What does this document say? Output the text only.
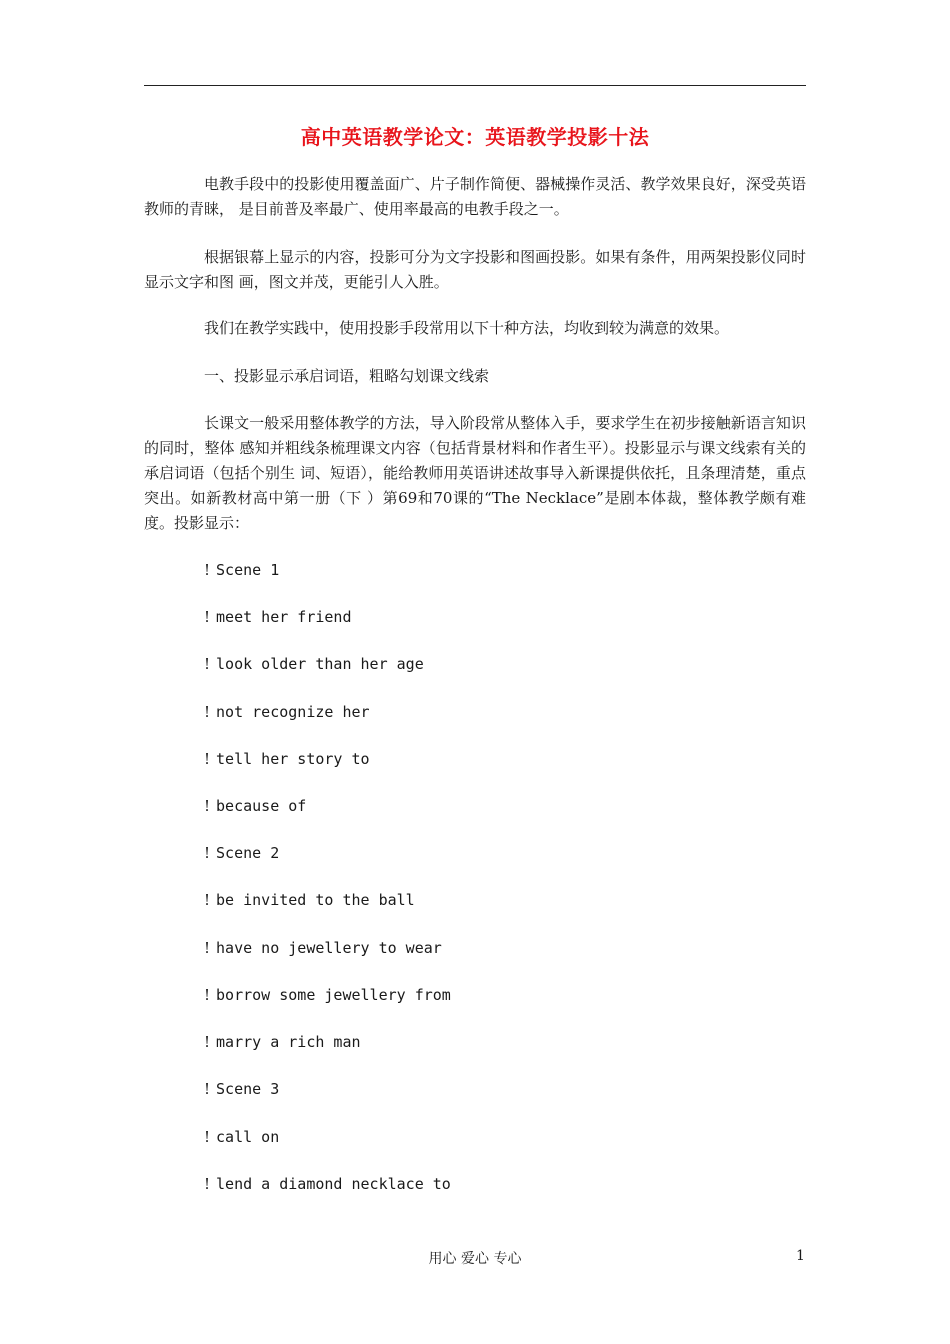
高中英语教学论文：英语教学投影十法

电教手段中的投影使用覆盖面广、片子制作简便、器械操作灵活、教学效果良好，深受英语教师的青睐， 是目前普及率最广、使用率最高的电教手段之一。

根据银幕上显示的内容，投影可分为文字投影和图画投影。如果有条件，用两架投影仪同时显示文字和图 画，图文并茂，更能引人入胜。

我们在教学实践中，使用投影手段常用以下十种方法，均收到较为满意的效果。

一、投影显示承启词语，粗略勾划课文线索

长课文一般采用整体教学的方法，导入阶段常从整体入手，要求学生在初步接触新语言知识的同时，整体 感知并粗线条梳理课文内容（包括背景材料和作者生平）。投影显示与课文线索有关的承启词语（包括个别生 词、短语），能给教师用英语讲述故事导入新课提供依托，且条理清楚，重点突出。如新教材高中第一册（下 ）第69和70课的“The Necklace”是剧本体裁，整体教学颇有难度。投影显示：

! Scene 1
! meet her friend
! look older than her age
! not recognize her
! tell her story to
! because of
! Scene 2
! be invited to the ball
! have no jewellery to wear
! borrow some jewellery from
! marry a rich man
! Scene 3
! call on
! lend a diamond necklace to
用心 爱心 专心	1
